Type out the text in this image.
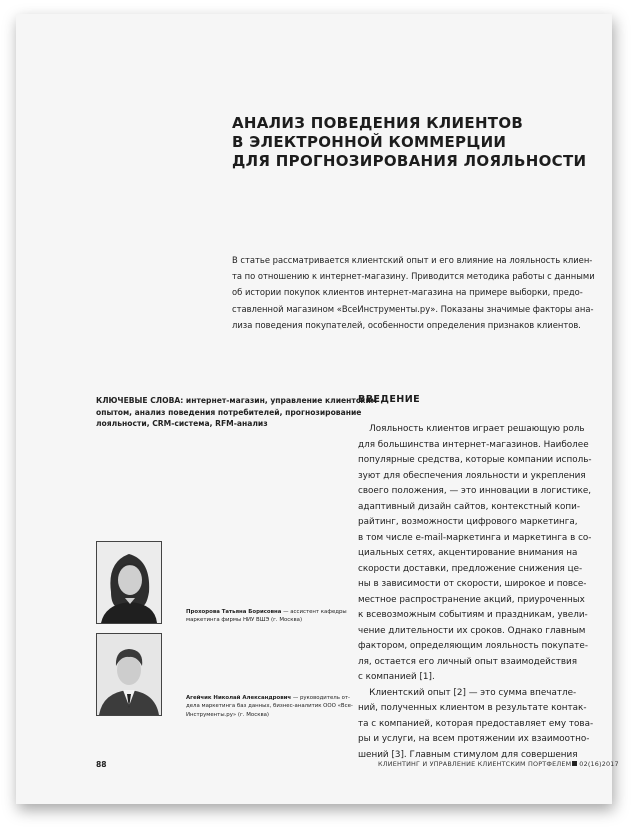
АНАЛИЗ ПОВЕДЕНИЯ КЛИЕНТОВ
В ЭЛЕКТРОННОЙ КОММЕРЦИИ
ДЛЯ ПРОГНОЗИРОВАНИЯ ЛОЯЛЬНОСТИ
В статье рассматривается клиентский опыт и его влияние на лояльность клиен-
та по отношению к интернет-магазину. Приводится методика работы с данными
об истории покупок клиентов интернет-магазина на примере выборки, предо-
ставленной магазином «ВсеИнструменты.ру». Показаны значимые факторы ана-
лиза поведения покупателей, особенности определения признаков клиентов.
КЛЮЧЕВЫЕ СЛОВА: интернет-магазин, управление клиентским
опытом, анализ поведения потребителей, прогнозирование
лояльности, CRM-система, RFM-анализ
Прохорова Татьяна Борисовна — ассистент кафедры
маркетинга фирмы НИУ ВШЭ (г. Москва)
Агейчик Николай Александрович — руководитель от-
дела маркетинга баз данных, бизнес-аналитик ООО «Все-
Инструменты.ру» (г. Москва)
ВВЕДЕНИЕ
Лояльность клиентов играет решающую роль
для большинства интернет-магазинов. Наиболее
популярные средства, которые компании исполь-
зуют для обеспечения лояльности и укрепления
своего положения, — это инновации в логистике,
адаптивный дизайн сайтов, контекстный копи-
райтинг, возможности цифрового маркетинга,
в том числе e-mail-маркетинга и маркетинга в со-
циальных сетях, акцентирование внимания на
скорости доставки, предложение снижения це-
ны в зависимости от скорости, широкое и повсе-
местное распространение акций, приуроченных
к всевозможным событиям и праздникам, увели-
чение длительности их сроков. Однако главным
фактором, определяющим лояльность покупате-
ля, остается его личный опыт взаимодействия
с компанией [1].
Клиентский опыт [2] — это сумма впечатле-
ний, полученных клиентом в результате контак-
та с компанией, которая предоставляет ему това-
ры и услуги, на всем протяжении их взаимоотно-
шений [3]. Главным стимулом для совершения
88	КЛИЕНТИНГ И УПРАВЛЕНИЕ КЛИЕНТСКИМ ПОРТФЕЛЕМ 02(16)2017
